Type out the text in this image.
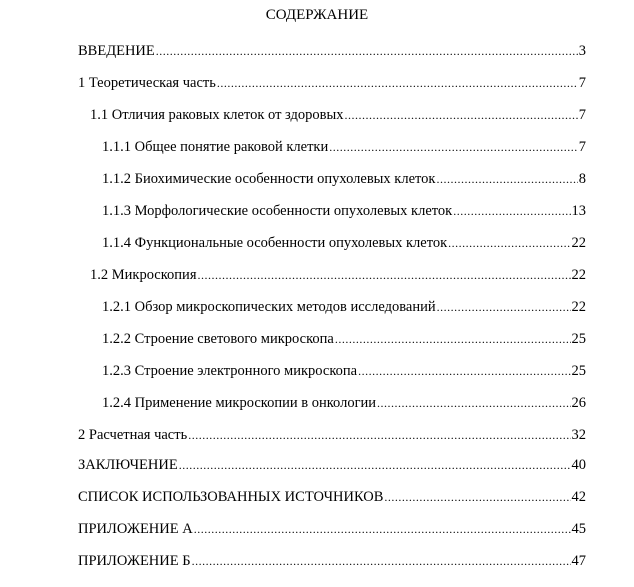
СОДЕРЖАНИЕ
ВВЕДЕНИЕ .....	3
1 Теоретическая часть .....	7
1.1 Отличия раковых клеток от здоровых .....	7
1.1.1 Общее понятие раковой клетки .....	7
1.1.2 Биохимические особенности опухолевых клеток .....	8
1.1.3 Морфологические особенности опухолевых клеток .....	13
1.1.4 Функциональные особенности опухолевых клеток .....	22
1.2 Микроскопия .....	22
1.2.1 Обзор микроскопических методов исследований .....	22
1.2.2 Строение светового микроскопа .....	25
1.2.3 Строение электронного микроскопа .....	25
1.2.4 Применение микроскопии в онкологии .....	26
2 Расчетная часть .....	32
ЗАКЛЮЧЕНИЕ .....	40
СПИСОК ИСПОЛЬЗОВАННЫХ ИСТОЧНИКОВ .....	42
ПРИЛОЖЕНИЕ А .....	45
ПРИЛОЖЕНИЕ Б .....	47
